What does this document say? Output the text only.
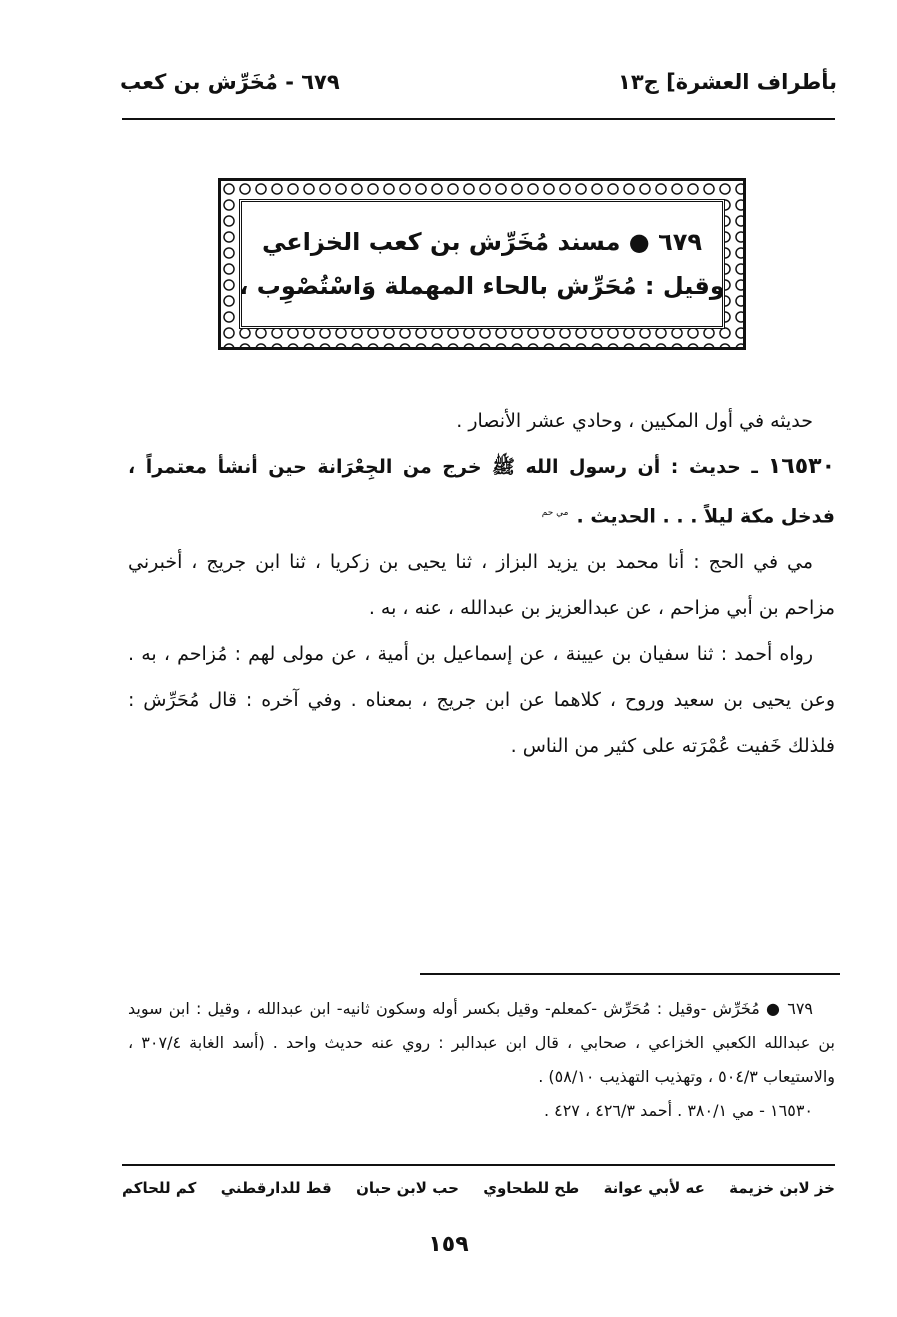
بأطراف العشرة] ج١٣
٦٧٩ - مُخَرِّش بن كعب
٦٧٩ ● مسند مُخَرِّش بن كعب الخزاعي
وقيل : مُحَرِّش بالحاء المهملة وَاسْتُصْوِب ،

حديثه في أول المكيين ، وحادي عشر الأنصار .

١٦٥٣٠ ـ حديث : أن رسول الله ﷺ خرج من الجِعْرَانة حين أنشأ معتمراً ، فدخل مكة ليلاً . . . الحديث . $^{مي حم}$

مي في الحج : أنا محمد بن يزيد البزاز ، ثنا يحيى بن زكريا ، ثنا ابن جريج ، أخبرني مزاحم بن أبي مزاحم ، عن عبدالعزيز بن عبدالله ، عنه ، به .

رواه أحمد : ثنا سفيان بن عيينة ، عن إسماعيل بن أمية ، عن مولى لهم : مُزاحم ، به . وعن يحيى بن سعيد وروح ، كلاهما عن ابن جريج ، بمعناه . وفي آخره : قال مُحَرِّش : فلذلك خَفيت عُمْرَته على كثير من الناس .

٦٧٩ ● مُخَرِّش -وقيل : مُحَرِّش -كمعلم- وقيل بكسر أوله وسكون ثانيه- ابن عبدالله ، وقيل : ابن سويد بن عبدالله الكعبي الخزاعي ، صحابي ، قال ابن عبدالبر : روي عنه حديث واحد . (أسد الغابة ٣٠٧/٤ ، والاستيعاب ٥٠٤/٣ ، وتهذيب التهذيب ٥٨/١٠) .

١٦٥٣٠ - مي ٣٨٠/١ . أحمد ٤٢٦/٣ ، ٤٢٧ .

خز لابن خزيمة
عه لأبي عوانة
طح للطحاوي
حب لابن حبان
قط للدارقطني
كم للحاكم
١٥٩
